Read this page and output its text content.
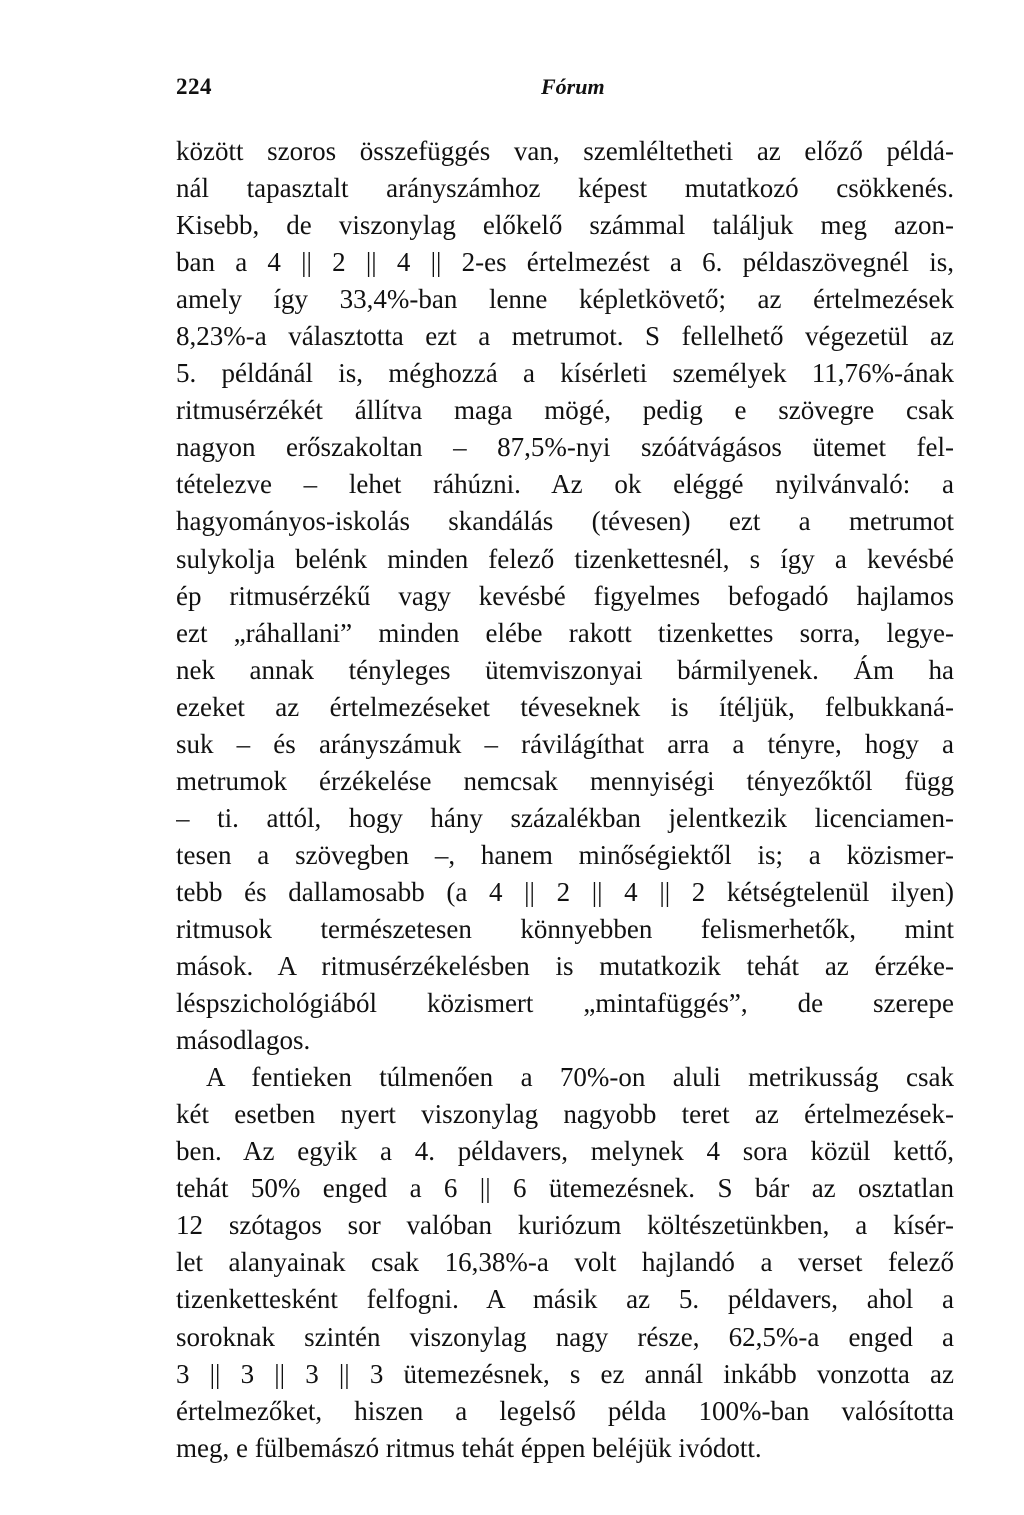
224	Fórum
között szoros összefüggés van, szemléltetheti az előző példá-
nál tapasztalt arányszámhoz képest mutatkozó csökkenés.
Kisebb, de viszonylag előkelő számmal találjuk meg azon-
ban a 4 || 2 || 4 || 2-es értelmezést a 6. példaszövegnél is,
amely így 33,4%-ban lenne képletkövető; az értelmezések
8,23%-a választotta ezt a metrumot. S fellelhető végezetül az
5. példánál is, méghozzá a kísérleti személyek 11,76%-ának
ritmusérzékét állítva maga mögé, pedig e szövegre csak
nagyon erőszakoltan – 87,5%-nyi szóátvágásos ütemet fel-
tételezve – lehet ráhúzni. Az ok eléggé nyilvánvaló: a
hagyományos-iskolás skandálás (tévesen) ezt a metrumot
sulykolja belénk minden felező tizenkettesnél, s így a kevésbé
ép ritmusérzékű vagy kevésbé figyelmes befogadó hajlamos
ezt „ráhallani” minden elébe rakott tizenkettes sorra, legye-
nek annak tényleges ütemviszonyai bármilyenek. Ám ha
ezeket az értelmezéseket téveseknek is ítéljük, felbukkaná-
suk – és arányszámuk – rávilágíthat arra a tényre, hogy a
metrumok érzékelése nemcsak mennyiségi tényezőktől függ
– ti. attól, hogy hány százalékban jelentkezik licenciamen-
tesen a szövegben –, hanem minőségiektől is; a közismer-
tebb és dallamosabb (a 4 || 2 || 4 || 2 kétségtelenül ilyen)
ritmusok természetesen könnyebben felismerhetők, mint
mások. A ritmusérzékelésben is mutatkozik tehát az érzéke-
léspszichológiából közismert „mintafüggés”, de szerepe
másodlagos.
A fentieken túlmenően a 70%-on aluli metrikusság csak
két esetben nyert viszonylag nagyobb teret az értelmezések-
ben. Az egyik a 4. példavers, melynek 4 sora közül kettő,
tehát 50% enged a 6 || 6 ütemezésnek. S bár az osztatlan
12 szótagos sor valóban kuriózum költészetünkben, a kísér-
let alanyainak csak 16,38%-a volt hajlandó a verset felező
tizenkettesként felfogni. A másik az 5. példavers, ahol a
soroknak szintén viszonylag nagy része, 62,5%-a enged a
3 || 3 || 3 || 3 ütemezésnek, s ez annál inkább vonzotta az
értelmezőket, hiszen a legelső példa 100%-ban valósította
meg, e fülbemászó ritmus tehát éppen beléjük ivódott.
